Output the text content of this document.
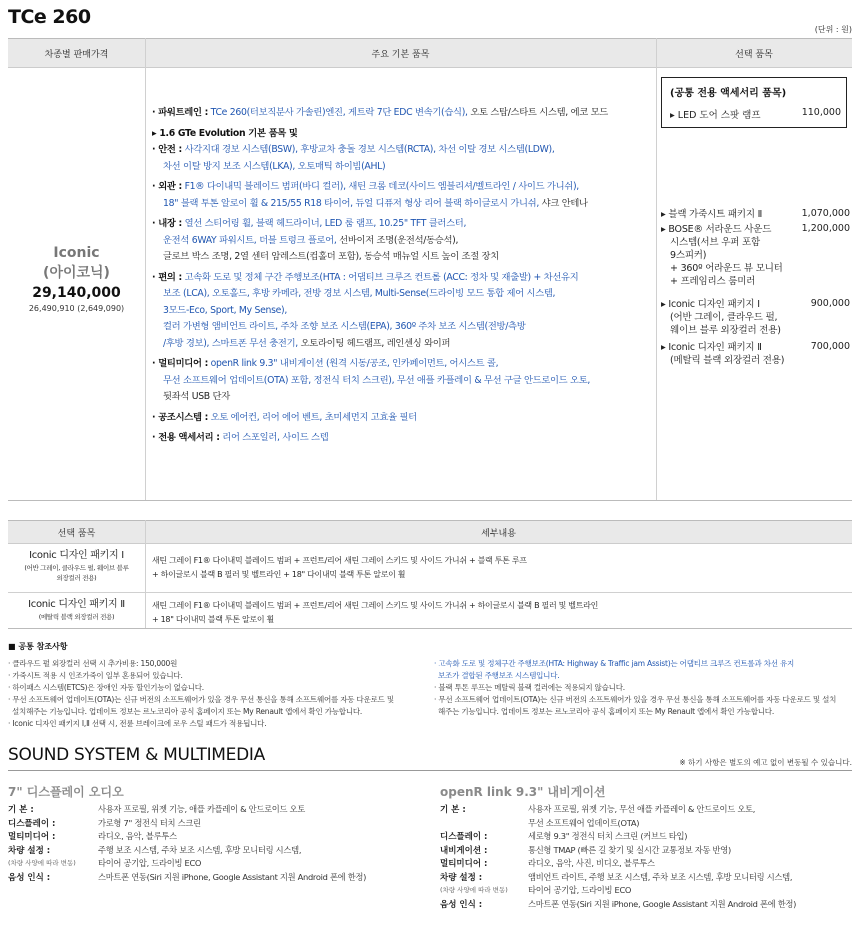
TCe 260
(단위 : 원)
차종별 판매가격	주요 기본 품목	선택 품목
Iconic
(아이코닉)
29,140,000
26,490,910 (2,649,090)
· 파워트레인 : TCe 260(터보직분사 가솔린)엔진, 게트락 7단 EDC 변속기(습식), 오토 스탑/스타트 시스템, 에코 모드
▸ 1.6 GTe Evolution 기본 품목 및
· 안전 : 사각지대 경보 시스템(BSW), 후방교차 충돌 경보 시스템(RCTA), 차선 이탈 경보 시스템(LDW),
차선 이탈 방지 보조 시스템(LKA), 오토매틱 하이빔(AHL)
· 외관 : F1® 다이내믹 블레이드 범퍼(바디 컬러), 새틴 크롬 데코(사이드 엠블리셔/벨트라인 / 사이드 가니쉬),
18" 블랙 투톤 알로이 휠 & 215/55 R18 타이어, 듀얼 디퓨저 형상 리어 블랙 하이글로시 가니쉬, 샤크 안테나
· 내장 : 열선 스티어링 휠, 블랙 헤드라이너, LED 룸 램프, 10.25" TFT 클러스터,
운전석 6WAY 파워시트, 더블 트렁크 플로어, 선바이저 조명(운전석/동승석),
글로브 박스 조명, 2열 센터 암레스트(컵홀더 포함), 동승석 매뉴얼 시트 높이 조절 장치
· 편의 : 고속화 도로 및 정체 구간 주행보조(HTA : 어댑티브 크루즈 컨트롤 (ACC: 정차 및 재출발) + 차선유지
보조 (LCA), 오토홀드, 후방 카메라, 전방 경보 시스템, Multi-Sense(드라이빙 모드 통합 제어 시스템,
3모드-Eco, Sport, My Sense),
컬러 가변형 앰비언트 라이트, 주차 조향 보조 시스템(EPA), 360º 주차 보조 시스템(전방/측방
/후방 경보), 스마트폰 무선 충전기, 오토라이팅 헤드램프, 레인센싱 와이퍼
· 멀티미디어 : openR link 9.3" 내비게이션 (원격 시동/공조, 인카페이먼트, 어시스트 콜,
무선 소프트웨어 업데이트(OTA) 포함, 정전식 터치 스크린), 무선 애플 카플레이 & 무선 구글 안드로이드 오토,
뒷좌석 USB 단자
· 공조시스템 : 오토 에어컨, 리어 에어 벤트, 초미세먼지 고효율 필터
· 전용 액세서리 : 리어 스포일러, 사이드 스텝
(공통 전용 액세서리 품목)
▸ LED 도어 스팟 램프	110,000
▸ 블랙 가죽시트 패키지 Ⅱ	1,070,000
▸ BOSE® 서라운드 사운드
시스템(서브 우퍼 포함
9스피커)
+ 360º 어라운드 뷰 모니터
+ 프레임리스 룸미러
1,200,000
▸ Iconic 디자인 패키지 Ⅰ
(어반 그레이, 클라우드 펄,
웨이브 블루 외장컬러 전용)
900,000
▸ Iconic 디자인 패키지 Ⅱ
(메탈릭 블랙 외장컬러 전용)
700,000
선택 품목	세부내용
Iconic 디자인 패키지 Ⅰ
(어반 그레이, 클라우드 펄, 웨이브 블루
외장컬러 전용)
새틴 그레이 F1® 다이내믹 블레이드 범퍼 + 프런트/리어 새틴 그레이 스키드 및 사이드 가니쉬 + 블랙 투톤 루프
+ 하이글로시 블랙 B 필러 및 벨트라인 + 18" 다이내믹 블랙 투톤 알로이 휠
Iconic 디자인 패키지 Ⅱ
(메탈릭 블랙 외장컬러 전용)
새틴 그레이 F1® 다이내믹 블레이드 범퍼 + 프런트/리어 새틴 그레이 스키드 및 사이드 가니쉬 + 하이글로시 블랙 B 필러 및 벨트라인
+ 18" 다이내믹 블랙 투톤 알로이 휠
■ 공통 참조사항
· 클라우드 펄 외장컬러 선택 시 추가비용: 150,000원
· 가죽시트 적용 시 인조가죽이 일부 혼용되어 있습니다.
· 하이패스 시스템(ETCS)은 장애인 자동 할인기능이 없습니다.
· 무선 소프트웨어 업데이트(OTA)는 신규 버전의 소프트웨어가 있을 경우 무선 통신을 통해 소프트웨어를 자동 다운로드 및
설치해주는 기능입니다. 업데이트 정보는 르노코리아 공식 홈페이지 또는 My Renault 앱에서 확인 가능합니다.
· Iconic 디자인 패키지 Ⅰ,Ⅱ 선택 시, 전륜 브레이크에 로우 스틸 패드가 적용됩니다.
· 고속화 도로 및 정체구간 주행보조(HTA: Highway & Traffic jam Assist)는 어댑티브 크루즈 컨트롤과 차선 유지
보조가 결합된 주행보조 시스템입니다.
· 블랙 투톤 루프는 메탈릭 블랙 컬러에는 적용되지 않습니다.
· 무선 소프트웨어 업데이트(OTA)는 신규 버전의 소프트웨어가 있을 경우 무선 통신을 통해 소프트웨어를 자동 다운로드 및 설치
해주는 기능입니다. 업데이트 정보는 르노코리아 공식 홈페이지 또는 My Renault 앱에서 확인 가능합니다.
SOUND SYSTEM & MULTIMEDIA	※ 하기 사항은 별도의 예고 없이 변동될 수 있습니다.
7" 디스플레이 오디오
기 본 :	사용자 프로필, 위젯 기능, 애플 카플레이 & 안드로이드 오토
디스플레이 :	가로형 7" 정전식 터치 스크린
멀티미디어 :	라디오, 음악, 블루투스
차량 설정 :	주행 보조 시스템, 주차 보조 시스템, 후방 모니터링 시스템,
(차량 사양에 따라 변동)	타이어 공기압, 드라이빙 ECO
음성 인식 :	스마트폰 연동(Siri 지원 iPhone, Google Assistant 지원 Android 폰에 한정)
openR link 9.3" 내비게이션
기 본 :	사용자 프로필, 위젯 기능, 무선 애플 카플레이 & 안드로이드 오토,
무선 소프트웨어 업데이트(OTA)
디스플레이 :	세로형 9.3" 정전식 터치 스크린 (커브드 타입)
내비게이션 :	통신형 TMAP (빠른 길 찾기 및 실시간 교통정보 자동 반영)
멀티미디어 :	라디오, 음악, 사진, 비디오, 블루투스
차량 설정 :	앰비언트 라이트, 주행 보조 시스템, 주차 보조 시스템, 후방 모니터링 시스템,
(차량 사양에 따라 변동) 타이어 공기압, 드라이빙 ECO
음성 인식 :	스마트폰 연동(Siri 지원 iPhone, Google Assistant 지원 Android 폰에 한정)
